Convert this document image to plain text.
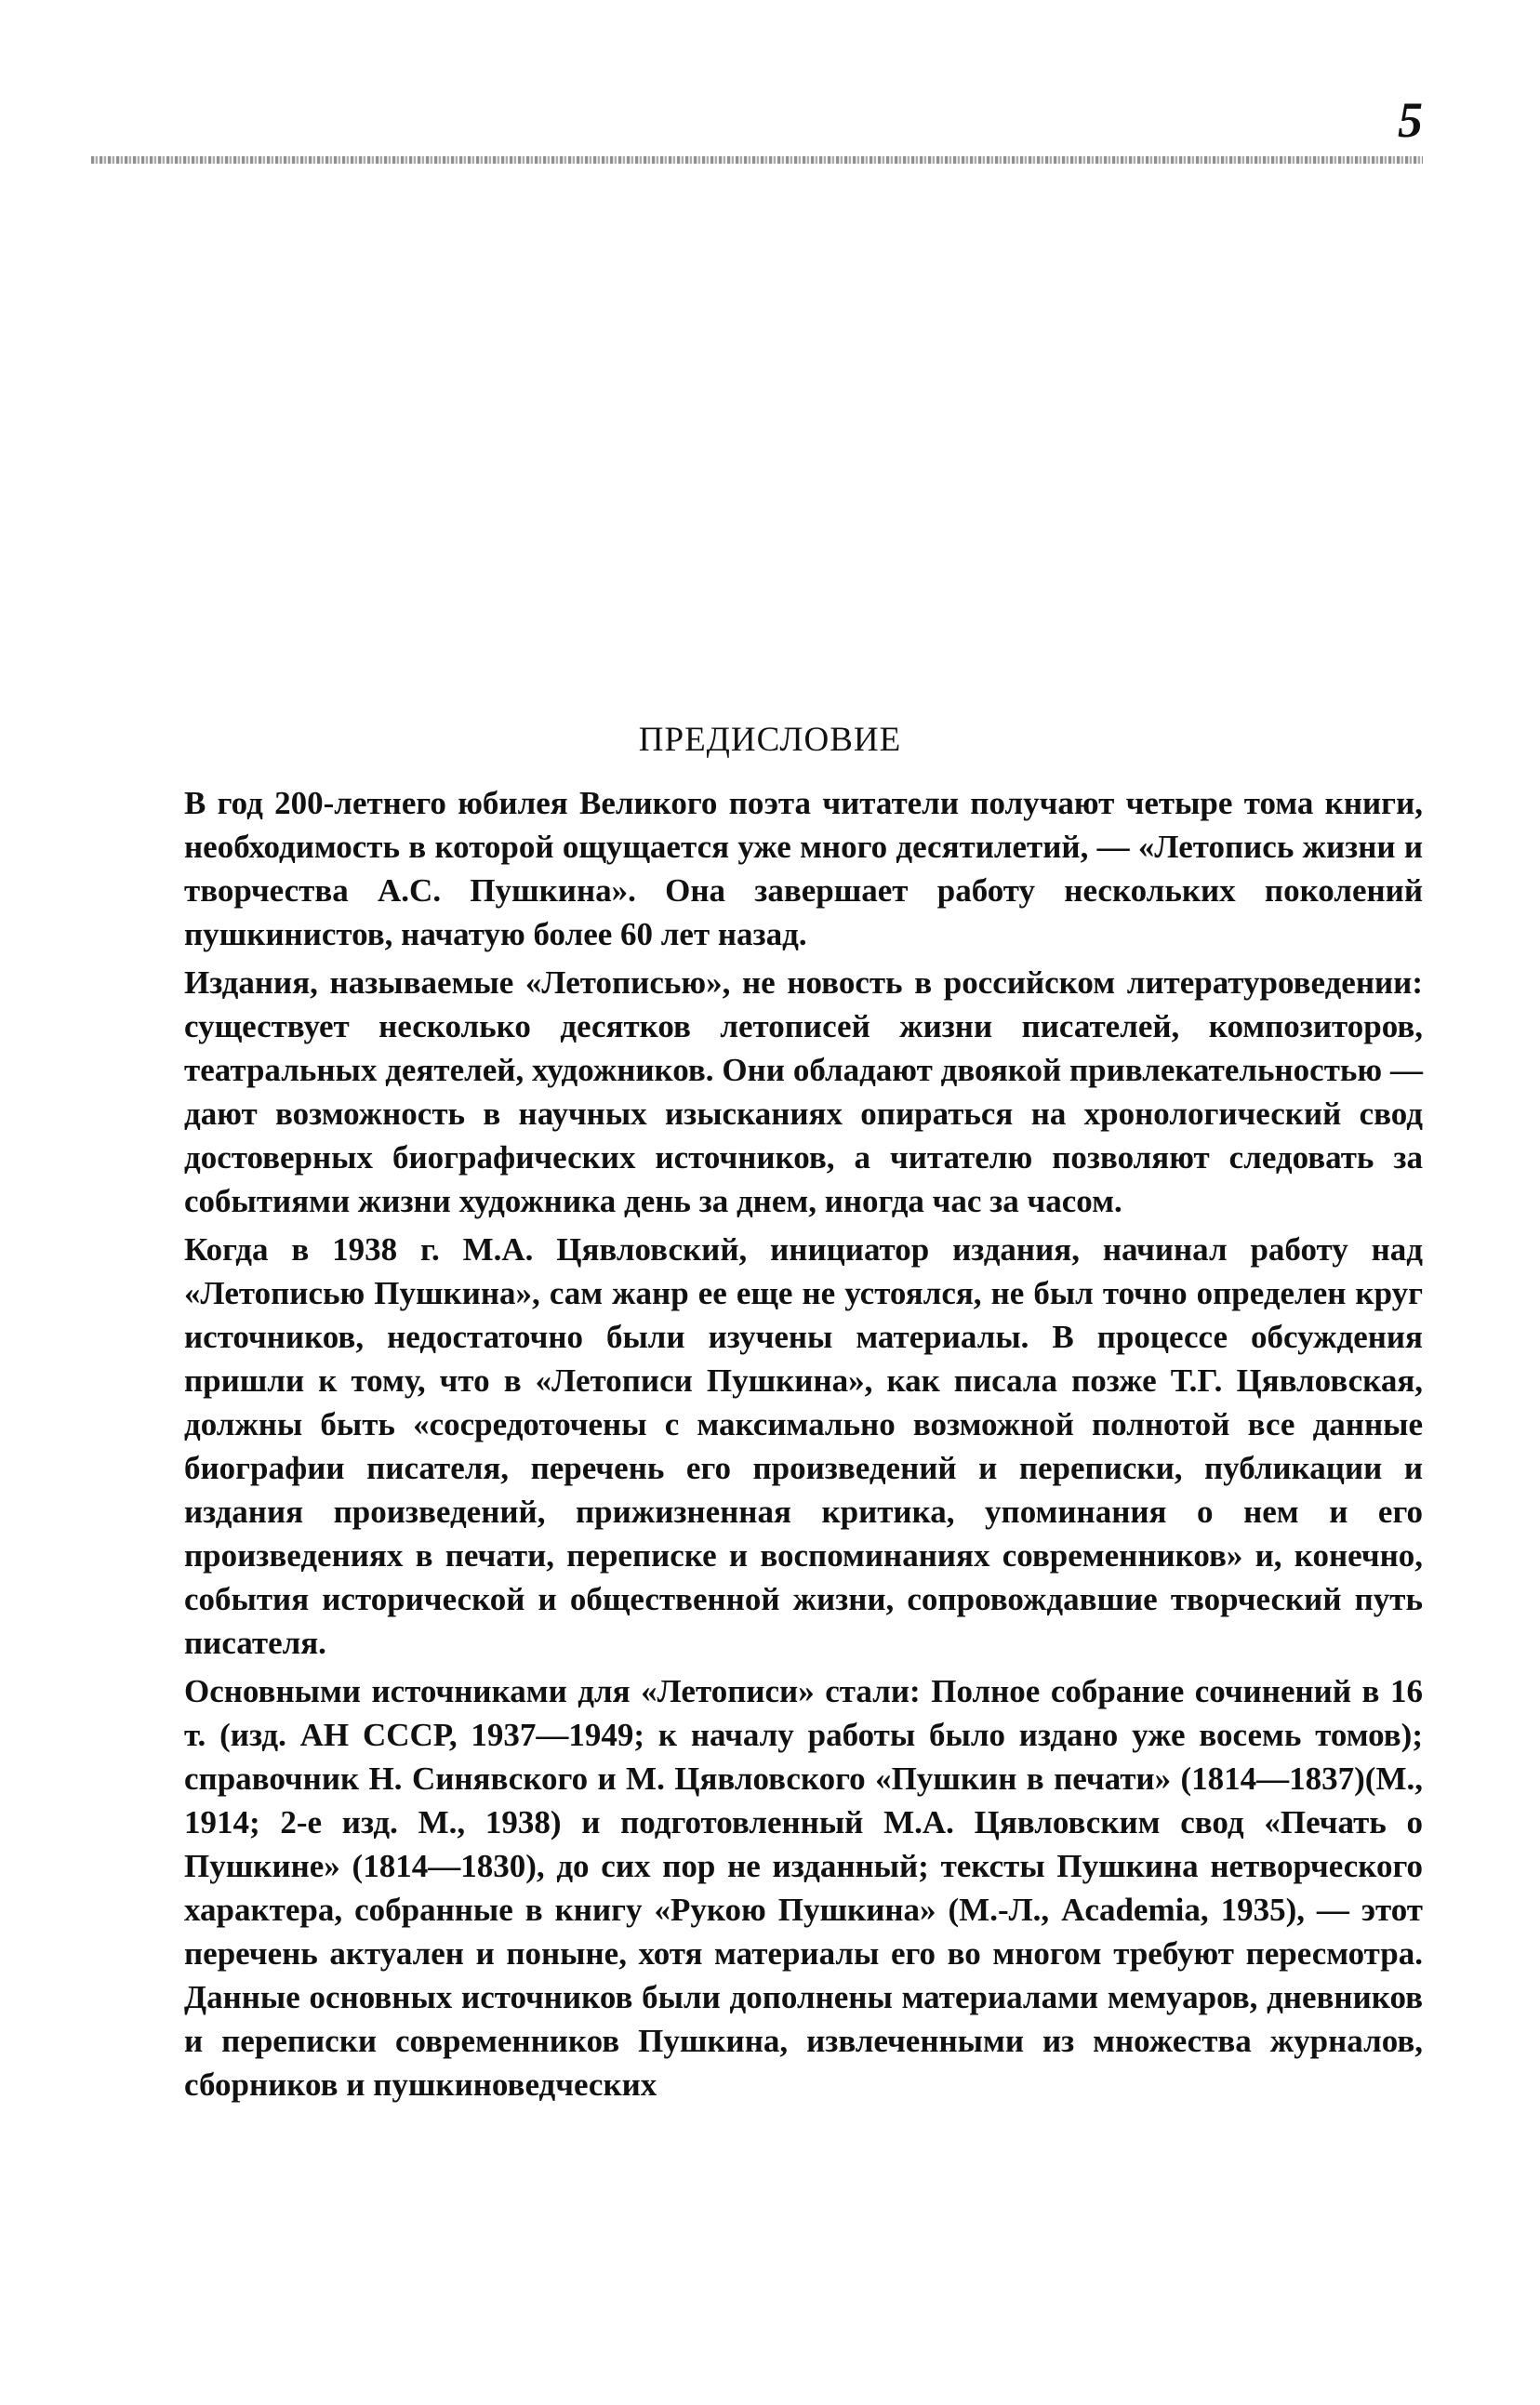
5
ПРЕДИСЛОВИЕ

В год 200-летнего юбилея Великого поэта читатели получают четыре тома книги, необходимость в которой ощущается уже много десятилетий, — «Летопись жизни и творчества А.С. Пушкина». Она завершает работу нескольких поколений пушкинистов, начатую более 60 лет назад.

Издания, называемые «Летописью», не новость в российском литературоведении: существует несколько десятков летописей жизни писателей, композиторов, театральных деятелей, художников. Они обладают двоякой привлекательностью — дают возможность в научных изысканиях опираться на хронологический свод достоверных биографических источников, а читателю позволяют следовать за событиями жизни художника день за днем, иногда час за часом.

Когда в 1938 г. М.А. Цявловский, инициатор издания, начинал работу над «Летописью Пушкина», сам жанр ее еще не устоялся, не был точно определен круг источников, недостаточно были изучены материалы. В процессе обсуждения пришли к тому, что в «Летописи Пушкина», как писала позже Т.Г. Цявловская, должны быть «сосредоточены с максимально возможной полнотой все данные биографии писателя, перечень его произведений и переписки, публикации и издания произведений, прижизненная критика, упоминания о нем и его произведениях в печати, переписке и воспоминаниях современников» и, конечно, события исторической и общественной жизни, сопровождавшие творческий путь писателя.

Основными источниками для «Летописи» стали: Полное собрание сочинений в 16 т. (изд. АН СССР, 1937—1949; к началу работы было издано уже восемь томов); справочник Н. Синявского и М. Цявловского «Пушкин в печати» (1814—1837)(М., 1914; 2-е изд. М., 1938) и подготовленный М.А. Цявловским свод «Печать о Пушкине» (1814—1830), до сих пор не изданный; тексты Пушкина нетворческого характера, собранные в книгу «Рукою Пушкина» (М.-Л., Academia, 1935), — этот перечень актуален и поныне, хотя материалы его во многом требуют пересмотра. Данные основных источников были дополнены материалами мемуаров, дневников и переписки современников Пушкина, извлеченными из множества журналов, сборников и пушкиноведческих
